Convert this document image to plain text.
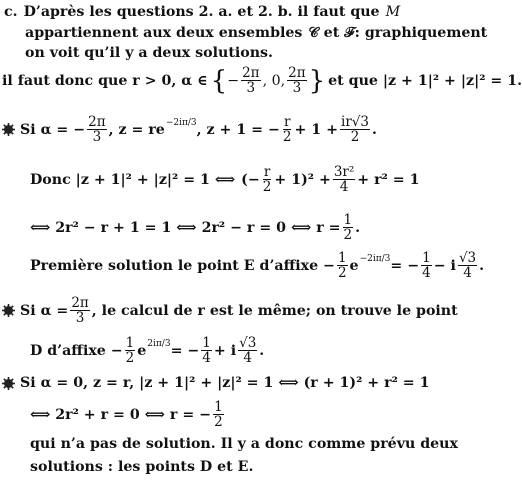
c. D’après les questions 2. a. et 2. b. il faut que M
appartiennent aux deux ensembles 𝒞 et ℱ : graphiquement
on voit qu’il y a deux solutions.
il faut donc que r > 0, α ∈ { − $\frac{2\pi}{3}$ , 0, $\frac{2\pi}{3}$ } et que |z + 1|² + |z|² = 1.
Si α = − $\frac{2\pi}{3}$ , z = re −2iπ/3 , z + 1 = − $\frac{r}{2} + 1 + \frac{ir√3}{2}$ .
Donc |z + 1|² + |z|² = 1 ⟺ (− $\frac{r}{2} + 1)^2 + \frac{\text{3r²}}{4} + r^2 = 1$
⟺ 2r² − r + 1 = 1 ⟺ 2r² − r = 0 ⟺ $r = \frac{1}{2}$ .
Première solution le point E d’affixe − $\frac{1}{2}$ e −2iπ/3 = − $\frac{1}{4} - i \frac{√3}{4}$ .
Si $\alpha = \frac{2\pi}{3}$ , le calcul de r est le même; on trouve le point
D d’affixe − $\frac{1}{2}$ e 2iπ/3 = − $\frac{1}{4} + i \frac{√3}{4}$ .
Si α = 0, z = r, |z + 1|² + |z|² = 1 ⟺ (r + 1)² + r² = 1
⟺ 2r² + r = 0 ⟺ r = − $\frac{1}{2}$
qui n’a pas de solution. Il y a donc comme prévu deux
solutions : les points D et E.
